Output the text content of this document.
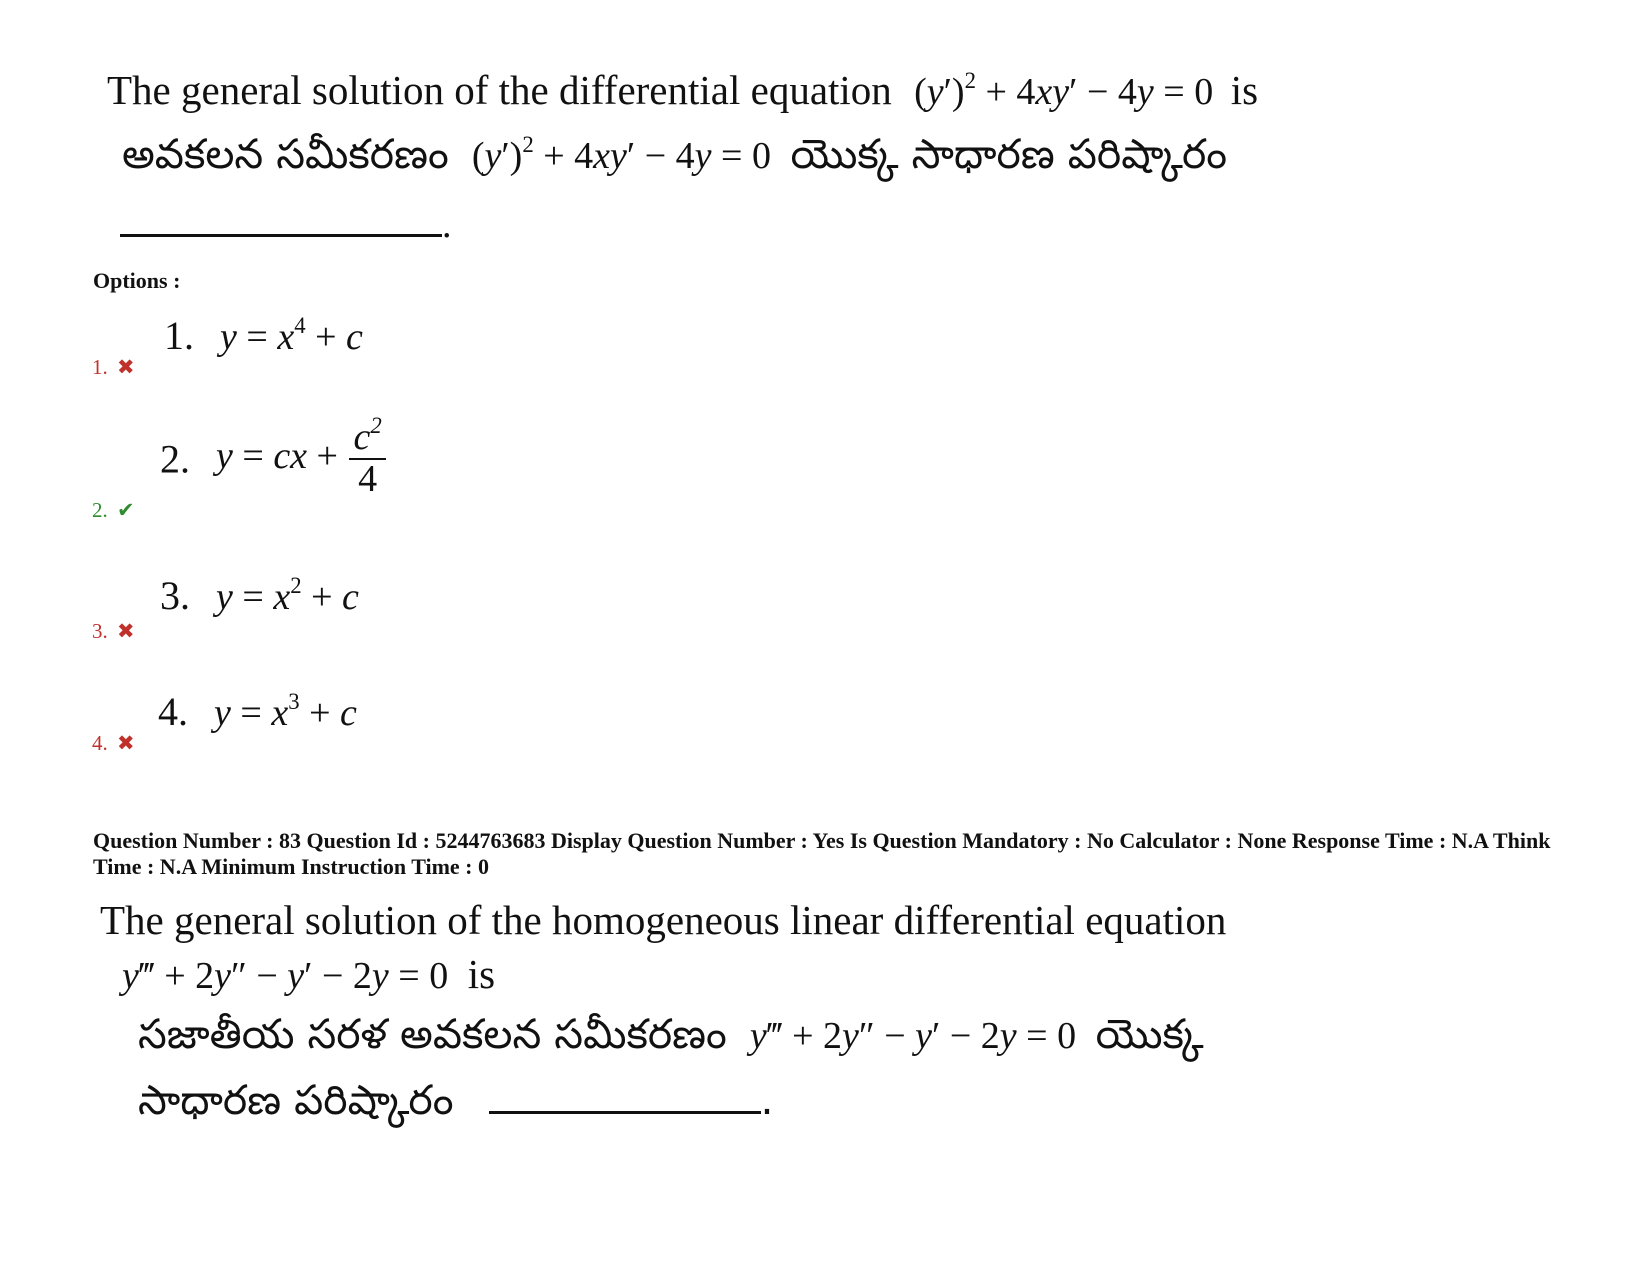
The general solution of the differential equation $(y')^2 + 4xy' - 4y = 0$ is
అవకలన సమీకరణం $(y')^2 + 4xy' - 4y = 0$ యొక్క సాధారణ పరిష్కారం
.
Options :
1. ✖
1. $y = x^4 + c$
2. ✔
2. y = cx + $\frac{c^2}{4}$
3. ✖
3. $y = x^2 + c$
4. ✖
4. $y = x^3 + c$
Question Number : 83 Question Id : 5244763683 Display Question Number : Yes Is Question Mandatory : No Calculator : None Response Time : N.A Think Time : N.A Minimum Instruction Time : 0
The general solution of the homogeneous linear differential equation
y‴ + 2y″ − y′ − 2y = 0 is
సజాతీయ సరళ అవకలన సమీకరణం y‴ + 2y″ − y′ − 2y = 0 యొక్క
సాధారణ పరిష్కారం	.
